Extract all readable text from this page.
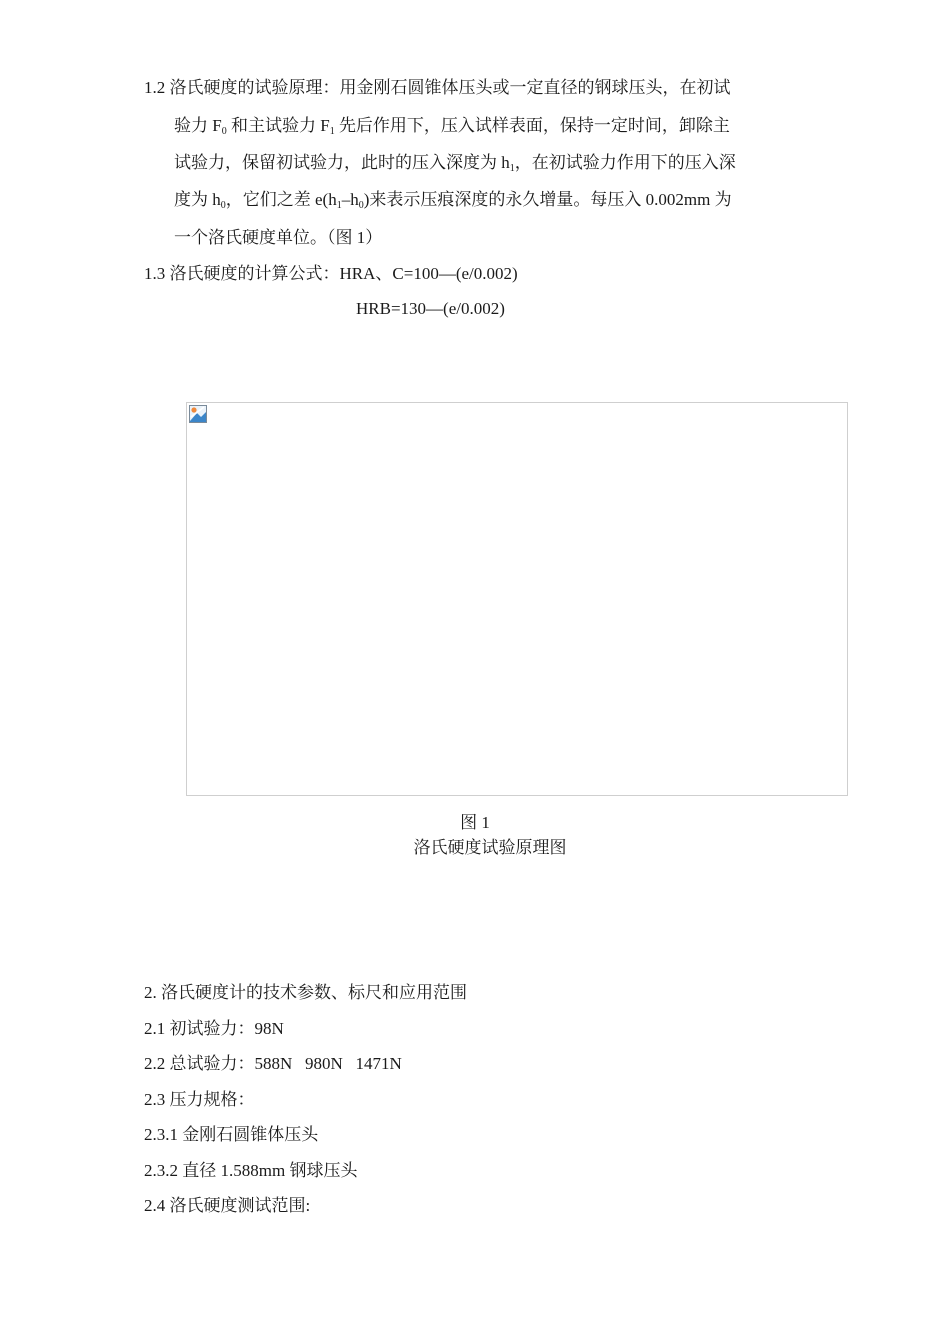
1.2 洛氏硬度的试验原理：用金刚石圆锥体压头或一定直径的钢球压头，在初试
验力 $F_0$ 和主试验力 $F_1$ 先后作用下，压入试样表面，保持一定时间，卸除主
试验力，保留初试验力，此时的压入深度为 $h_1$，在初试验力作用下的压入深
度为 $h_0$，它们之差 $e(h_1-h_0)$来表示压痕深度的永久增量。每压入 0.002mm 为
一个洛氏硬度单位。（图 1）
1.3 洛氏硬度的计算公式：HRA、C=100—(e/0.002)
HRB=130—(e/0.002)
图 1
洛氏硬度试验原理图
2. 洛氏硬度计的技术参数、标尺和应用范围
2.1 初试验力：98N
2.2 总试验力：588N   980N   1471N
2.3 压力规格：
2.3.1 金刚石圆锥体压头
2.3.2 直径 1.588mm 钢球压头
2.4 洛氏硬度测试范围:
